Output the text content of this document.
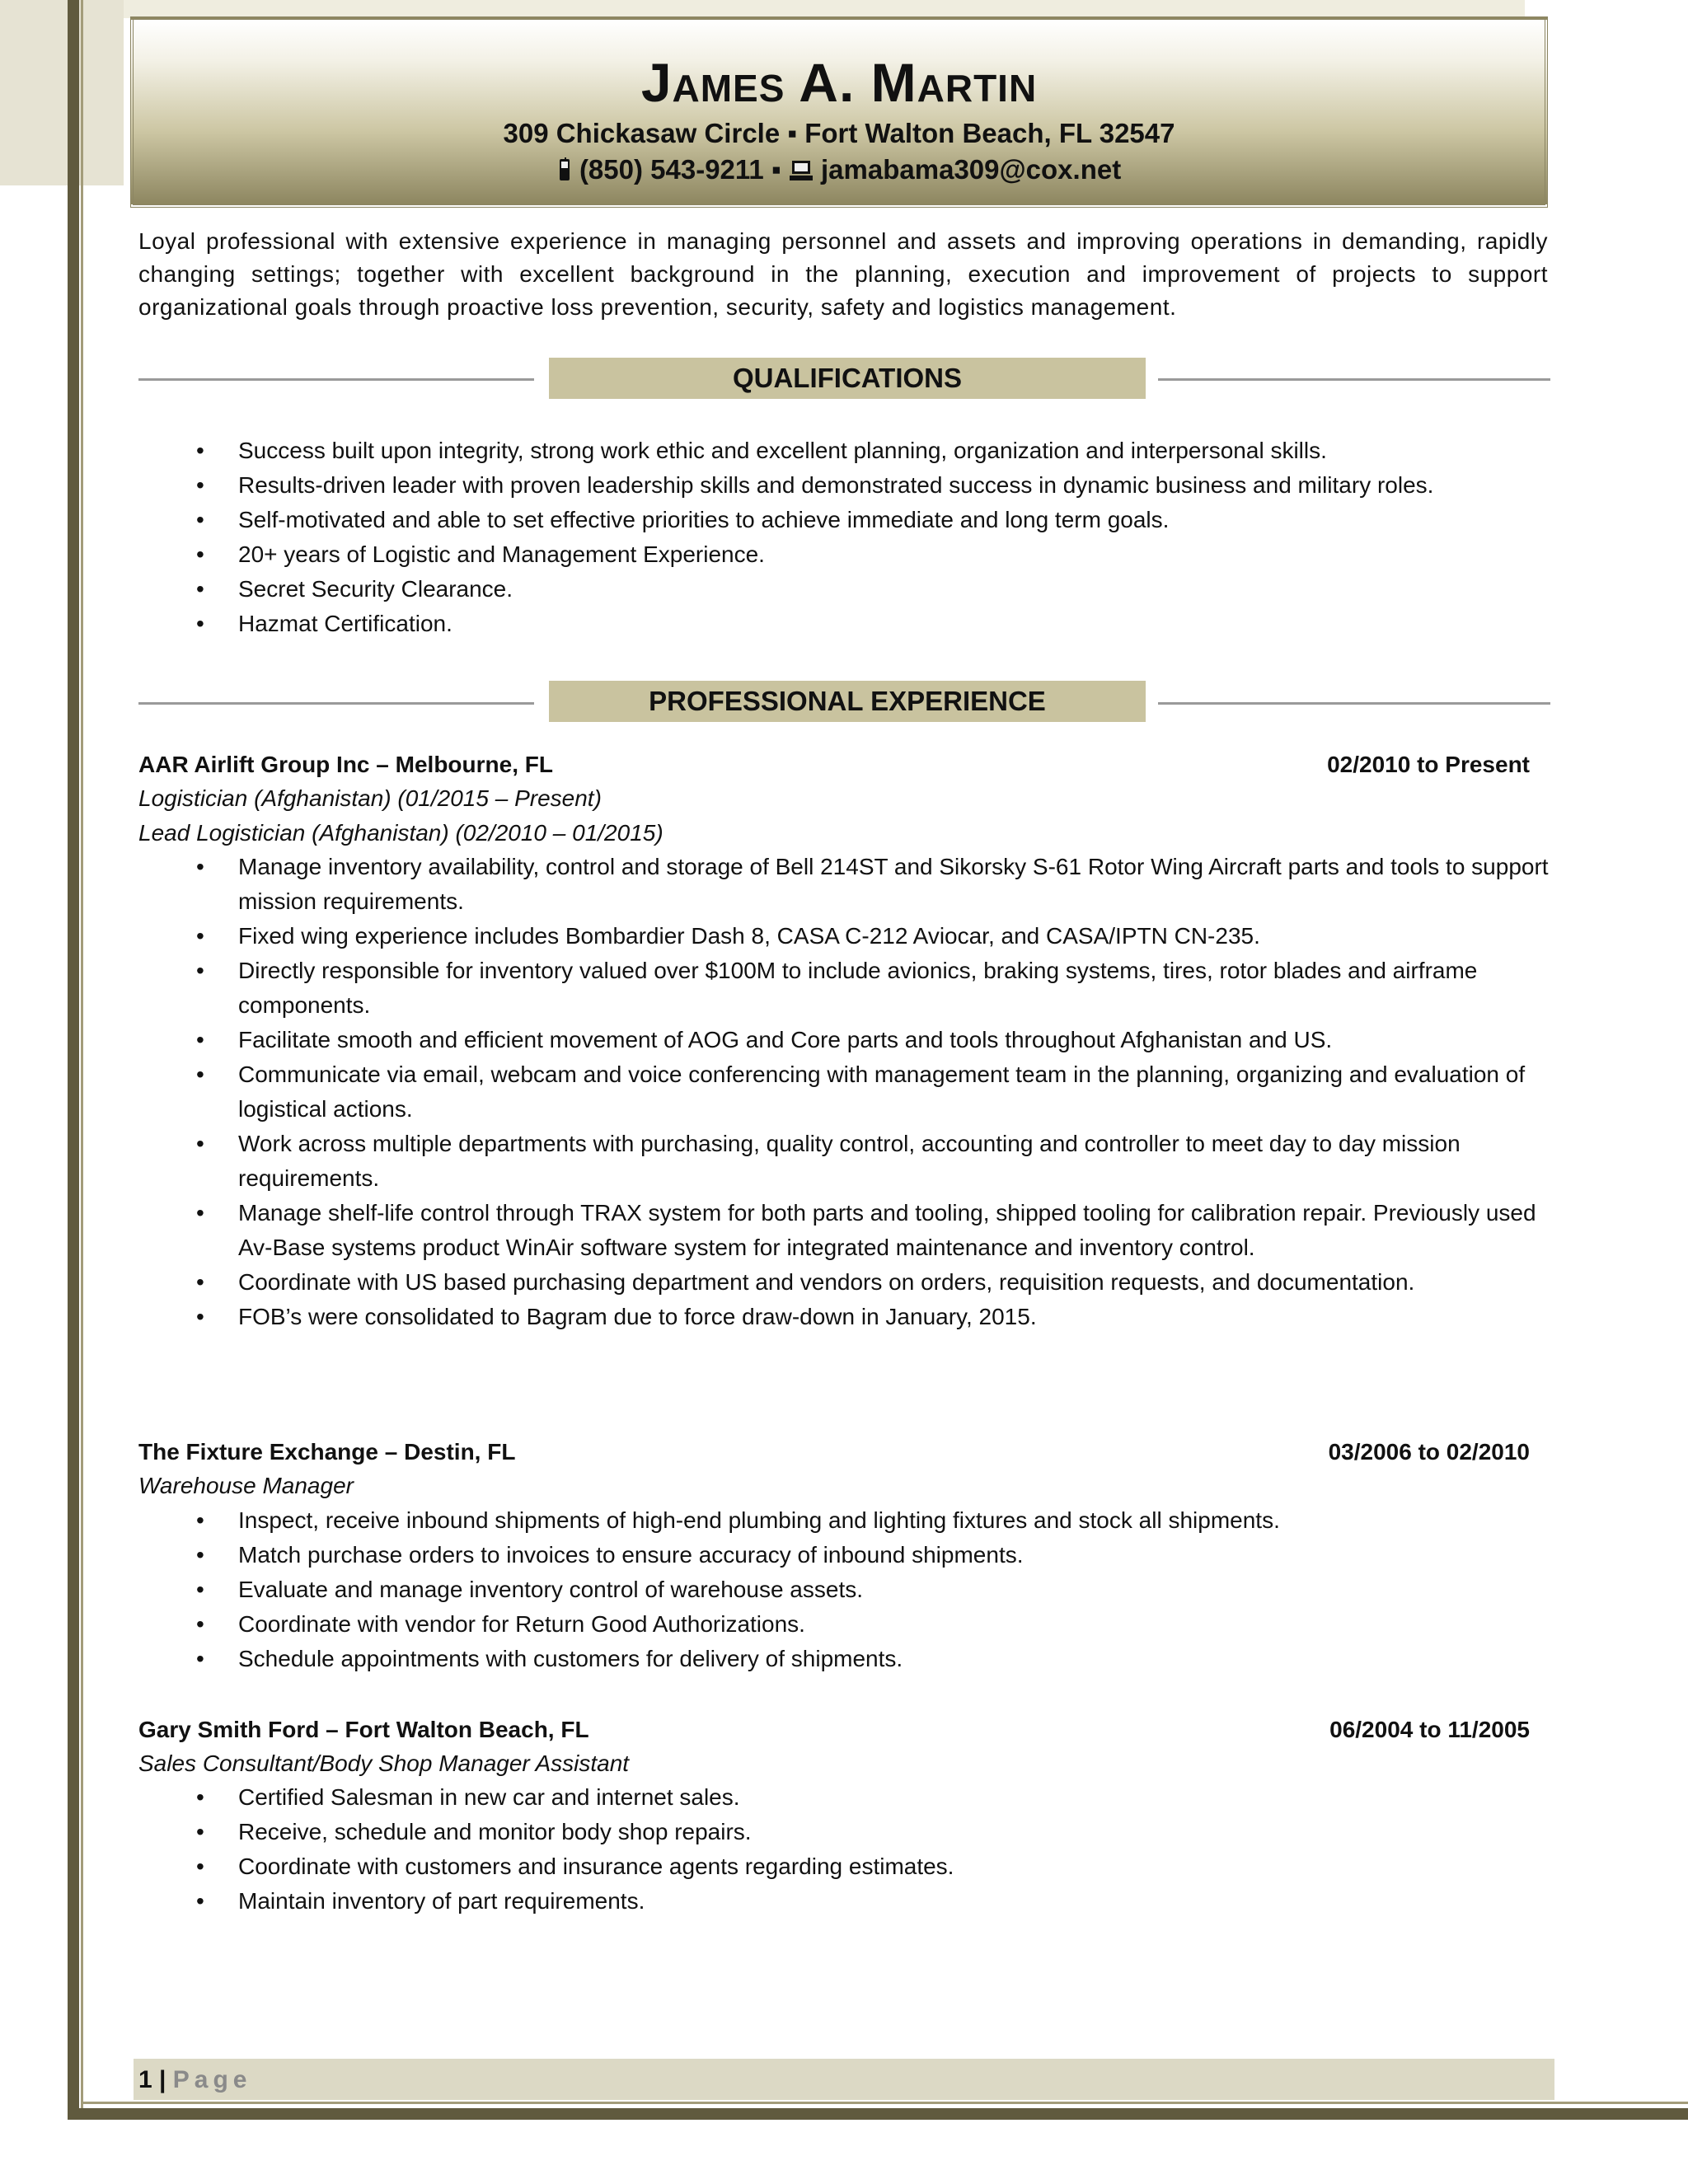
James A. Martin
309 Chickasaw Circle ▪ Fort Walton Beach, FL 32547
(850) 543-9211 ▪ jamabama309@cox.net
Loyal professional with extensive experience in managing personnel and assets and improving operations in demanding, rapidly changing settings; together with excellent background in the planning, execution and improvement of projects to support organizational goals through proactive loss prevention, security, safety and logistics management.
QUALIFICATIONS
• Success built upon integrity, strong work ethic and excellent planning, organization and interpersonal skills.
• Results-driven leader with proven leadership skills and demonstrated success in dynamic business and military roles.
• Self-motivated and able to set effective priorities to achieve immediate and long term goals.
• 20+ years of Logistic and Management Experience.
• Secret Security Clearance.
• Hazmat Certification.
PROFESSIONAL EXPERIENCE
AAR Airlift Group Inc – Melbourne, FL	02/2010 to Present
Logistician (Afghanistan) (01/2015 – Present)
Lead Logistician (Afghanistan) (02/2010 – 01/2015)
• Manage inventory availability, control and storage of Bell 214ST and Sikorsky S-61 Rotor Wing Aircraft parts and tools to support mission requirements.
• Fixed wing experience includes Bombardier Dash 8, CASA C-212 Aviocar, and CASA/IPTN CN-235.
• Directly responsible for inventory valued over $100M to include avionics, braking systems, tires, rotor blades and airframe components.
• Facilitate smooth and efficient movement of AOG and Core parts and tools throughout Afghanistan and US.
• Communicate via email, webcam and voice conferencing with management team in the planning, organizing and evaluation of logistical actions.
• Work across multiple departments with purchasing, quality control, accounting and controller to meet day to day mission requirements.
• Manage shelf-life control through TRAX system for both parts and tooling, shipped tooling for calibration repair. Previously used Av-Base systems product WinAir software system for integrated maintenance and inventory control.
• Coordinate with US based purchasing department and vendors on orders, requisition requests, and documentation.
• FOB’s were consolidated to Bagram due to force draw-down in January, 2015.
The Fixture Exchange – Destin, FL	03/2006 to 02/2010
Warehouse Manager
• Inspect, receive inbound shipments of high-end plumbing and lighting fixtures and stock all shipments.
• Match purchase orders to invoices to ensure accuracy of inbound shipments.
• Evaluate and manage inventory control of warehouse assets.
• Coordinate with vendor for Return Good Authorizations.
• Schedule appointments with customers for delivery of shipments.
Gary Smith Ford – Fort Walton Beach, FL	06/2004 to 11/2005
Sales Consultant/Body Shop Manager Assistant
• Certified Salesman in new car and internet sales.
• Receive, schedule and monitor body shop repairs.
• Coordinate with customers and insurance agents regarding estimates.
• Maintain inventory of part requirements.
1 | Page
